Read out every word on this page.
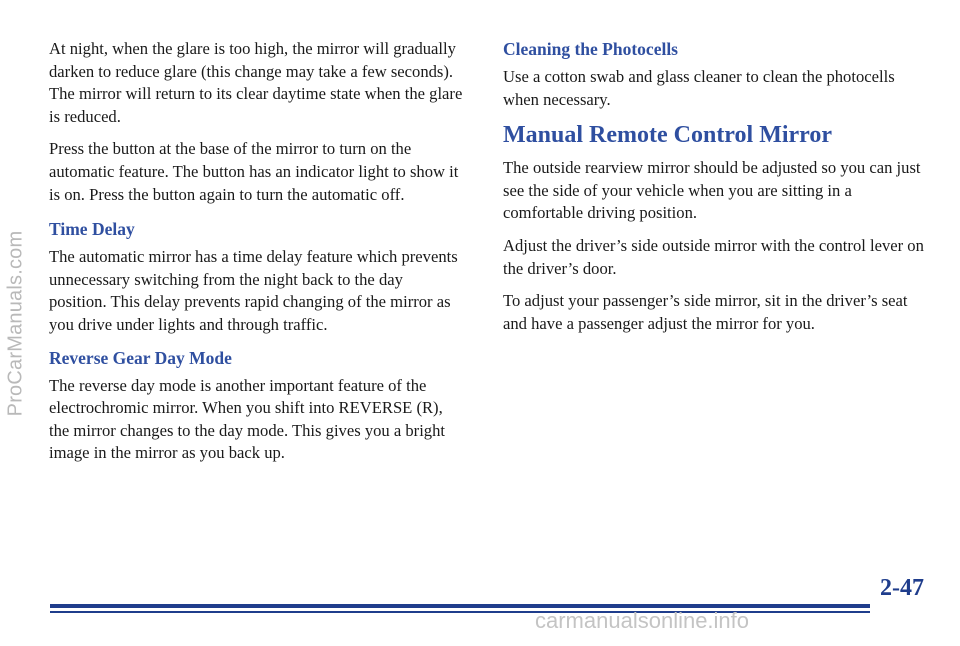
ProCarManuals.com

At night, when the glare is too high, the mirror will gradually darken to reduce glare (this change may take a few seconds). The mirror will return to its clear daytime state when the glare is reduced.

Press the button at the base of the mirror to turn on the automatic feature. The button has an indicator light to show it is on. Press the button again to turn the automatic off.

Time Delay

The automatic mirror has a time delay feature which prevents unnecessary switching from the night back to the day position. This delay prevents rapid changing of the mirror as you drive under lights and through traffic.

Reverse Gear Day Mode

The reverse day mode is another important feature of the electrochromic mirror. When you shift into REVERSE (R), the mirror changes to the day mode. This gives you a bright image in the mirror as you back up.

Cleaning the Photocells

Use a cotton swab and glass cleaner to clean the photocells when necessary.

Manual Remote Control Mirror

The outside rearview mirror should be adjusted so you can just see the side of your vehicle when you are sitting in a comfortable driving position.

Adjust the driver’s side outside mirror with the control lever on the driver’s door.

To adjust your passenger’s side mirror, sit in the driver’s seat and have a passenger adjust the mirror for you.

2-47
carmanualsonline.info
